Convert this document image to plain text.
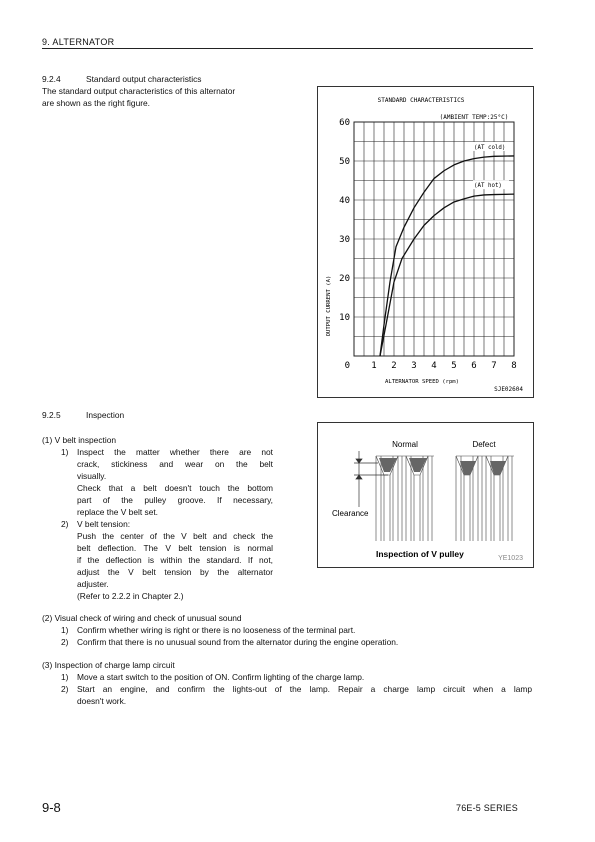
9. ALTERNATOR
9.2.4	Standard output characteristics
The standard output characteristics of this alternator
are shown as the right figure.	STANDARD CHARACTERISTICS
(AMBIENT TEMP:25°C)
OUTPUT CURRENT (A)
ALTERNATOR SPEED (rpm)
SJE02604
1 2 3 4 5 6 7 8
0
10
20
30
40
50
60
(AT cold)
(AT hot)
9.2.5	Inspection
(1) V belt inspection
1) Inspect the matter whether there are not
crack, stickiness and wear on the belt
visually.
Check that a belt doesn't touch the bottom
part of the pulley groove. If necessary,
replace the V belt set.
2) V belt tension:
Push the center of the V belt and check the
belt deflection. The V belt tension is normal
if the deflection is within the standard. If not,
adjust the V belt tension by the alternator
adjuster.
(Refer to 2.2.2 in Chapter 2.)
Normal	Defect
Clearance
Inspection of V pulley	YE1023
(2) Visual check of wiring and check of unusual sound
1) Confirm whether wiring is right or there is no looseness of the terminal part.
2) Confirm that there is no unusual sound from the alternator during the engine operation.
(3) Inspection of charge lamp circuit
1) Move a start switch to the position of ON. Confirm lighting of the charge lamp.
2) Start an engine, and confirm the lights-out of the lamp. Repair a charge lamp circuit when a lamp
doesn't work.
9-8	76E-5 SERIES
